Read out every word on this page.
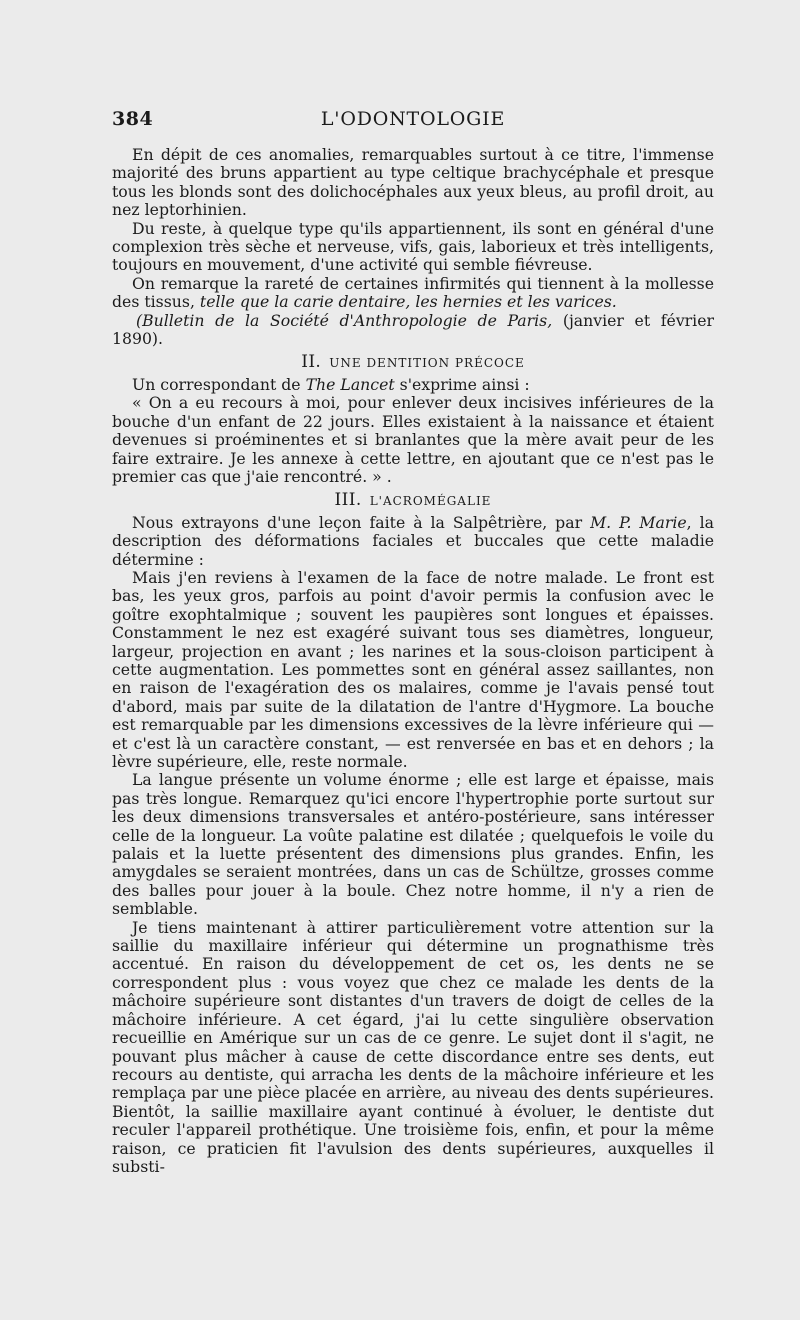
384	L'ODONTOLOGIE

En dépit de ces anomalies, remarquables surtout à ce titre, l'immense majorité des bruns appartient au type celtique brachycéphale et presque tous les blonds sont des dolichocéphales aux yeux bleus, au profil droit, au nez leptorhinien.

Du reste, à quelque type qu'ils appartiennent, ils sont en général d'une complexion très sèche et nerveuse, vifs, gais, laborieux et très intelligents, toujours en mouvement, d'une activité qui semble fiévreuse.

On remarque la rareté de certaines infirmités qui tiennent à la mollesse des tissus, telle que la carie dentaire, les hernies et les varices.

(Bulletin de la Société d'Anthropologie de Paris, (janvier et février 1890).

II. UNE DENTITION PRÉCOCE

Un correspondant de The Lancet s'exprime ainsi :

« On a eu recours à moi, pour enlever deux incisives inférieures de la bouche d'un enfant de 22 jours. Elles existaient à la naissance et étaient devenues si proéminentes et si branlantes que la mère avait peur de les faire extraire. Je les annexe à cette lettre, en ajoutant que ce n'est pas le premier cas que j'aie rencontré. » .

III. L'ACROMÉGALIE

Nous extrayons d'une leçon faite à la Salpêtrière, par M. P. Marie, la description des déformations faciales et buccales que cette maladie détermine :

Mais j'en reviens à l'examen de la face de notre malade. Le front est bas, les yeux gros, parfois au point d'avoir permis la confusion avec le goître exophtalmique ; souvent les paupières sont longues et épaisses. Constamment le nez est exagéré suivant tous ses diamètres, longueur, largeur, projection en avant ; les narines et la sous-cloison participent à cette augmentation. Les pommettes sont en général assez saillantes, non en raison de l'exagération des os malaires, comme je l'avais pensé tout d'abord, mais par suite de la dilatation de l'antre d'Hygmore. La bouche est remarquable par les dimensions excessives de la lèvre inférieure qui — et c'est là un caractère constant, — est renversée en bas et en dehors ; la lèvre supérieure, elle, reste normale.

La langue présente un volume énorme ; elle est large et épaisse, mais pas très longue. Remarquez qu'ici encore l'hypertrophie porte surtout sur les deux dimensions transversales et antéro-postérieure, sans intéresser celle de la longueur. La voûte palatine est dilatée ; quelquefois le voile du palais et la luette présentent des dimensions plus grandes. Enfin, les amygdales se seraient montrées, dans un cas de Schültze, grosses comme des balles pour jouer à la boule. Chez notre homme, il n'y a rien de semblable.

Je tiens maintenant à attirer particulièrement votre attention sur la saillie du maxillaire inférieur qui détermine un prognathisme très accentué. En raison du développement de cet os, les dents ne se correspondent plus : vous voyez que chez ce malade les dents de la mâchoire supérieure sont distantes d'un travers de doigt de celles de la mâchoire inférieure. A cet égard, j'ai lu cette singulière observation recueillie en Amérique sur un cas de ce genre. Le sujet dont il s'agit, ne pouvant plus mâcher à cause de cette discordance entre ses dents, eut recours au dentiste, qui arracha les dents de la mâchoire inférieure et les remplaça par une pièce placée en arrière, au niveau des dents supérieures. Bientôt, la saillie maxillaire ayant continué à évoluer, le dentiste dut reculer l'appareil prothétique. Une troisième fois, enfin, et pour la même raison, ce praticien fit l'avulsion des dents supérieures, auxquelles il substi-
